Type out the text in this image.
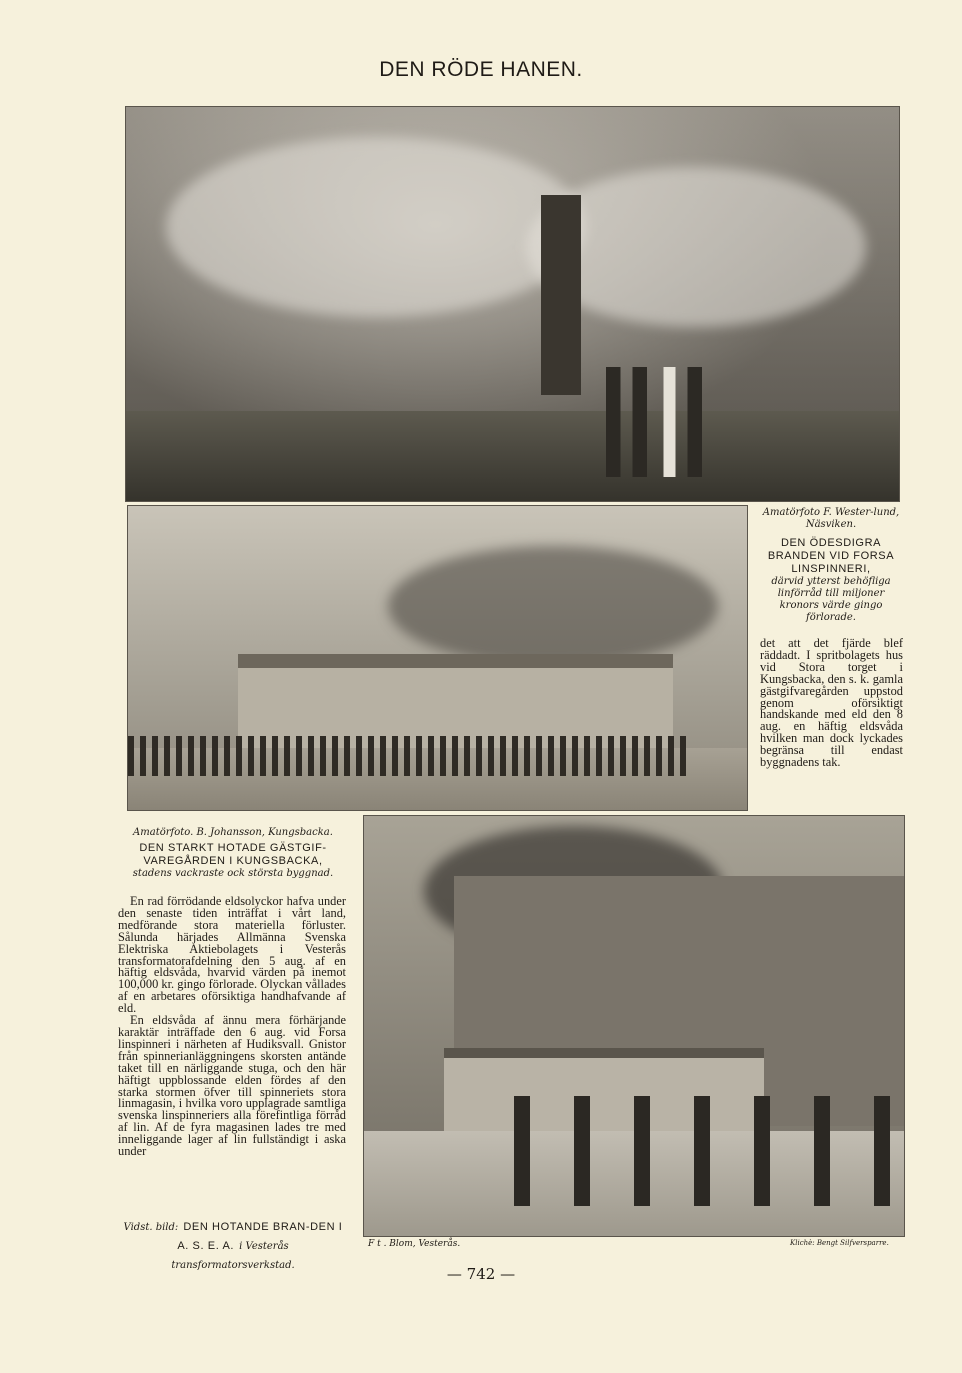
DEN RÖDE HANEN.
Amatörfoto F. Wester-lund, Näsviken.
DEN ÖDESDIGRA BRANDEN VID FORSA LINSPINNERI,
därvid ytterst behöfliga linförråd till miljoner kronors värde gingo förlorade.
det att det fjärde blef räddadt. I spritbolagets hus vid Stora torget i Kungsbacka, den s. k. gamla gästgifvaregården uppstod genom oförsiktigt handskande med eld den 8 aug. en häftig eldsvåda hvilken man dock lyckades begränsa till endast byggnadens tak.
Amatörfoto. B. Johansson, Kungsbacka.
DEN STARKT HOTADE GÄSTGIF-VAREGÅRDEN I KUNGSBACKA,
stadens vackraste ock största byggnad.

En rad förrödande eldsolyckor hafva under den senaste tiden inträffat i vårt land, medförande stora materiella förluster. Sålunda härjades Allmänna Svenska Elektriska Aktiebolagets i Vesterås transformatorafdelning den 5 aug. af en häftig eldsvåda, hvarvid värden på inemot 100,000 kr. gingo förlorade. Olyckan vållades af en arbetares oförsiktiga handhafvande af eld.

En eldsvåda af ännu mera förhärjande karaktär inträffade den 6 aug. vid Forsa linspinneri i närheten af Hudiksvall. Gnistor från spinnerianläggningens skorsten antände taket till en närliggande stuga, och den här häftigt uppblossande elden fördes af den starka stormen öfver till spinneriets stora linmagasin, i hvilka voro upplagrade samtliga svenska linspinneriers alla förefintliga förråd af lin. Af de fyra magasinen lades tre med inneliggande lager af lin fullständigt i aska under

Vidst. bild: DEN HOTANDE BRAN-DEN I A. S. E. A. i Vesterås transformatorsverkstad.
F t . Blom, Vesterås.	Klichè: Bengt Silfversparre.
— 742 —
